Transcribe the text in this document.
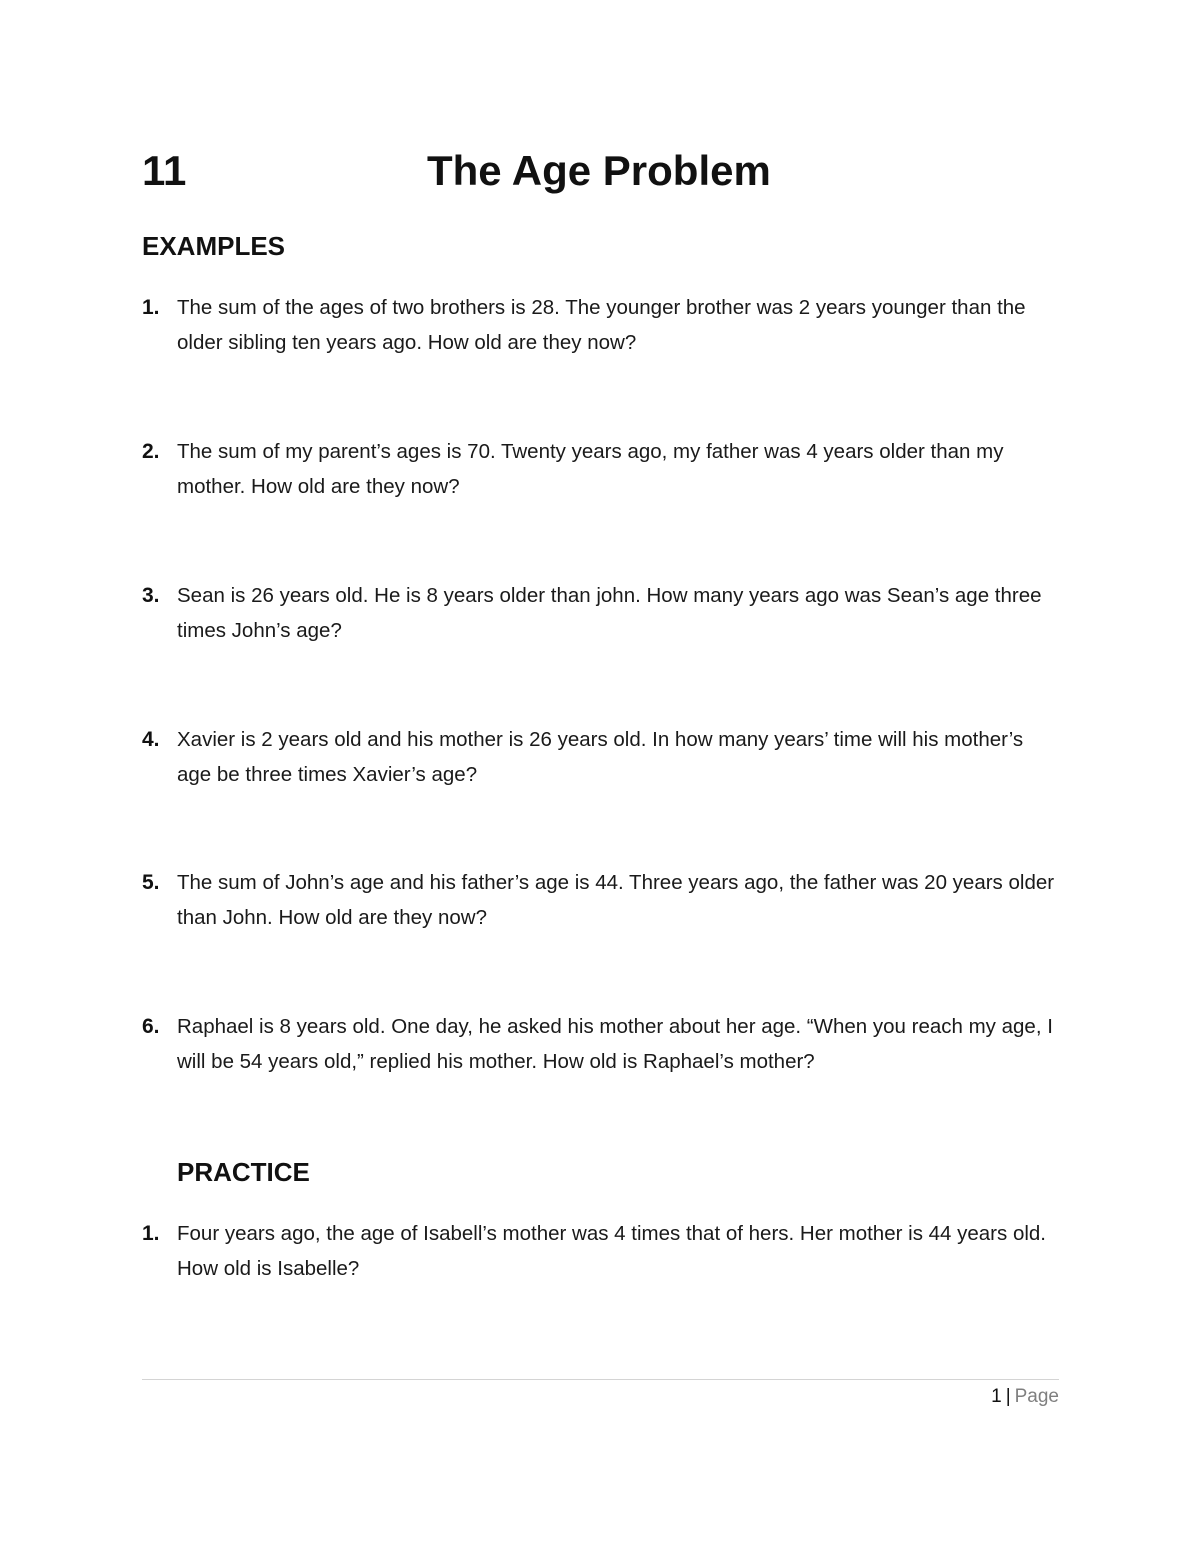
11	The Age Problem
EXAMPLES
1. The sum of the ages of two brothers is 28. The younger brother was 2 years younger than the older sibling ten years ago. How old are they now?
2. The sum of my parent’s ages is 70. Twenty years ago, my father was 4 years older than my mother. How old are they now?
3. Sean is 26 years old. He is 8 years older than john. How many years ago was Sean’s age three times John’s age?
4. Xavier is 2 years old and his mother is 26 years old. In how many years’ time will his mother’s age be three times Xavier’s age?
5. The sum of John’s age and his father’s age is 44. Three years ago, the father was 20 years older than John. How old are they now?
6. Raphael is 8 years old. One day, he asked his mother about her age. “When you reach my age, I will be 54 years old,” replied his mother. How old is Raphael’s mother?
PRACTICE
1. Four years ago, the age of Isabell’s mother was 4 times that of hers. Her mother is 44 years old. How old is Isabelle?
1 | Page
